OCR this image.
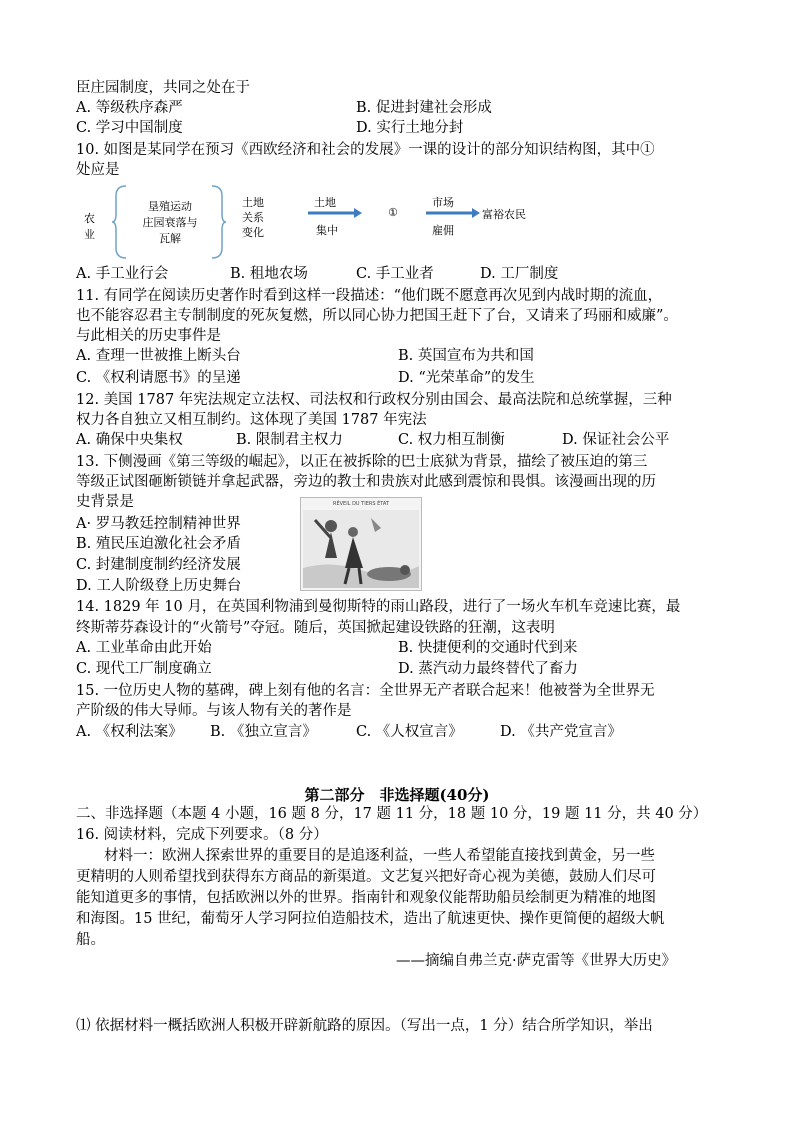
臣庄园制度，共同之处在于
A. 等级秩序森严	B. 促进封建社会形成
C. 学习中国制度	D. 实行土地分封
10. 如图是某同学在预习《西欧经济和社会的发展》一课的设计的部分知识结构图，其中①
处应是
农
业
垦殖运动
庄园衰落与
瓦解
土地
关系
变化
土地
集中
①
市场
雇佣
富裕农民
A. 手工业行会	B. 租地农场	C. 手工业者	D. 工厂制度
11. 有同学在阅读历史著作时看到这样一段描述：“他们既不愿意再次见到内战时期的流血，
也不能容忍君主专制制度的死灰复燃，所以同心协力把国王赶下了台，又请来了玛丽和威廉”。
与此相关的历史事件是
A. 查理一世被推上断头台	B. 英国宣布为共和国
C. 《权利请愿书》的呈递	D. “光荣革命”的发生
12. 美国 1787 年宪法规定立法权、司法权和行政权分别由国会、最高法院和总统掌握，三种
权力各自独立又相互制约。这体现了美国 1787 年宪法
A. 确保中央集权	B. 限制君主权力	C. 权力相互制衡	D. 保证社会公平
13. 下侧漫画《第三等级的崛起》，以正在被拆除的巴士底狱为背景，描绘了被压迫的第三
等级正试图砸断锁链并拿起武器，旁边的教士和贵族对此感到震惊和畏惧。该漫画出现的历
史背景是	RÉVEIL DU TIERS ÉTAT
A· 罗马教廷控制精神世界
B. 殖民压迫激化社会矛盾
C. 封建制度制约经济发展
D. 工人阶级登上历史舞台
14. 1829 年 10 月，在英国利物浦到曼彻斯特的雨山路段，进行了一场火车机车竞速比赛，最
终斯蒂芬森设计的“火箭号”夺冠。随后，英国掀起建设铁路的狂潮，这表明
A. 工业革命由此开始	B. 快捷便利的交通时代到来
C. 现代工厂制度确立	D. 蒸汽动力最终替代了畜力
15. 一位历史人物的墓碑，碑上刻有他的名言：全世界无产者联合起来！他被誉为全世界无
产阶级的伟大导师。与该人物有关的著作是
A. 《权利法案》 B. 《独立宣言》	C. 《人权宣言》	D. 《共产党宣言》
第二部分　非选择题(40分)
二、非选择题（本题 4 小题，16 题 8 分，17 题 11 分，18 题 10 分，19 题 11 分，共 40 分）
16. 阅读材料，完成下列要求。（8 分）
材料一：欧洲人探索世界的重要目的是追逐利益，一些人希望能直接找到黄金，另一些
更精明的人则希望找到获得东方商品的新渠道。文艺复兴把好奇心视为美德，鼓励人们尽可
能知道更多的事情，包括欧洲以外的世界。指南针和观象仪能帮助船员绘制更为精准的地图
和海图。15 世纪，葡萄牙人学习阿拉伯造船技术，造出了航速更快、操作更简便的超级大帆
船。
——摘编自弗兰克·萨克雷等《世界大历史》
⑴ 依据材料一概括欧洲人积极开辟新航路的原因。（写出一点，1 分）结合所学知识，举出
